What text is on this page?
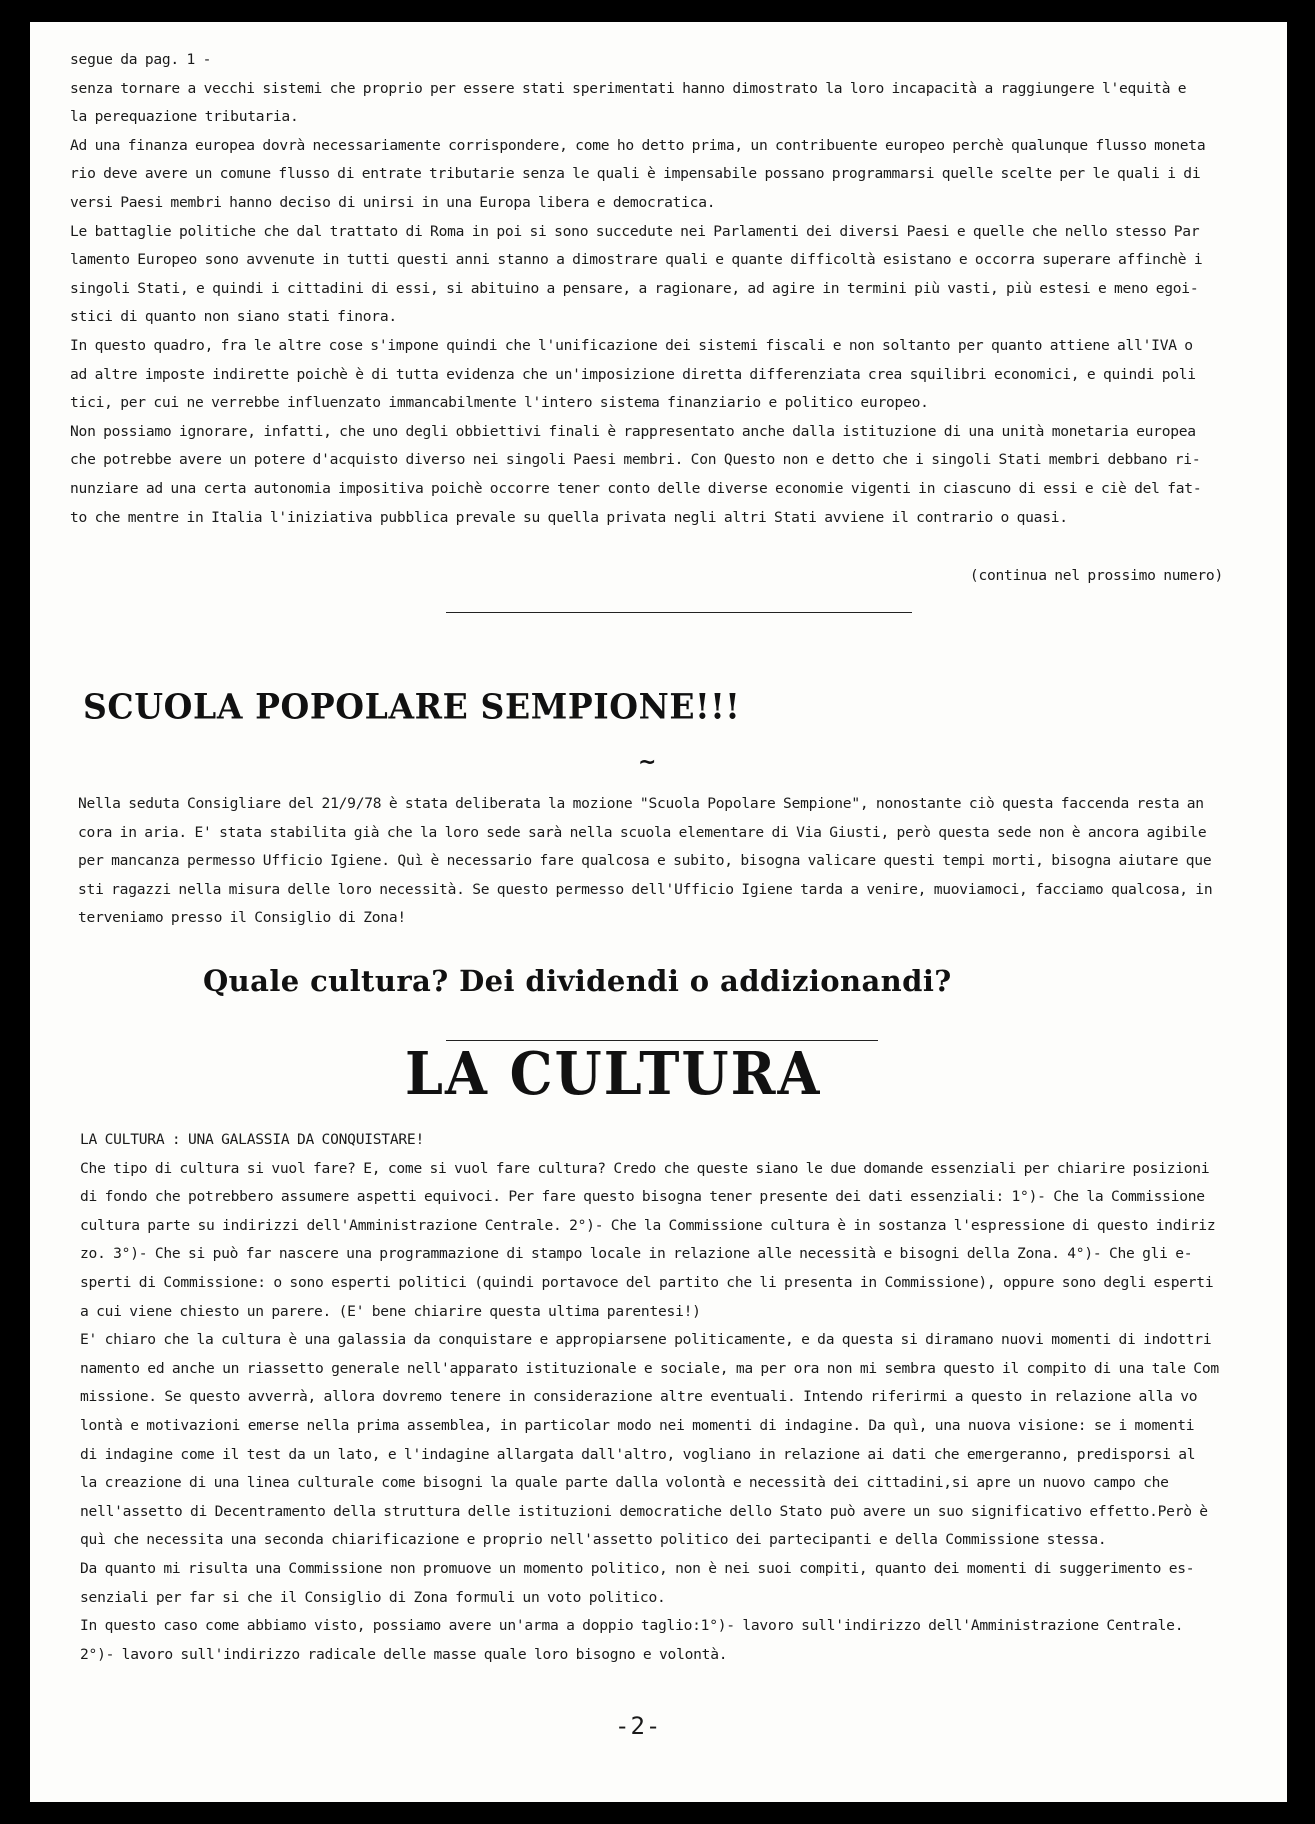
segue da pag. 1 -
senza tornare a vecchi sistemi che proprio per essere stati sperimentati hanno dimostrato la loro incapacità a raggiungere l'equità e
la perequazione tributaria.
Ad una finanza europea dovrà necessariamente corrispondere, come ho detto prima, un contribuente europeo perchè qualunque flusso moneta
rio deve avere un comune flusso di entrate tributarie senza le quali è impensabile possano programmarsi quelle scelte per le quali i di
versi Paesi membri hanno deciso di unirsi in una Europa libera e democratica.
Le battaglie politiche che dal trattato di Roma in poi si sono succedute nei Parlamenti dei diversi Paesi e quelle che nello stesso Par
lamento Europeo sono avvenute in tutti questi anni stanno a dimostrare quali e quante difficoltà esistano e occorra superare affinchè i
singoli Stati, e quindi i cittadini di essi, si abituino a pensare, a ragionare, ad agire in termini più vasti, più estesi e meno egoi-
stici di quanto non siano stati finora.
In questo quadro, fra le altre cose s'impone quindi che l'unificazione dei sistemi fiscali e non soltanto per quanto attiene all'IVA o
ad altre imposte indirette poichè è di tutta evidenza che un'imposizione diretta differenziata crea squilibri economici, e quindi poli
tici, per cui ne verrebbe influenzato immancabilmente l'intero sistema finanziario e politico europeo.
Non possiamo ignorare, infatti, che uno degli obbiettivi finali è rappresentato anche dalla istituzione di una unità monetaria europea
che potrebbe avere un potere d'acquisto diverso nei singoli Paesi membri. Con Questo non e detto che i singoli Stati membri debbano ri-
nunziare ad una certa autonomia impositiva poichè occorre tener conto delle diverse economie vigenti in ciascuno di essi e ciè del fat-
to che mentre in Italia l'iniziativa pubblica prevale su quella privata negli altri Stati avviene il contrario o quasi.
(continua nel prossimo numero)
SCUOLA POPOLARE SEMPIONE!!!
~
Nella seduta Consigliare del 21/9/78 è stata deliberata la mozione "Scuola Popolare Sempione", nonostante ciò questa faccenda resta an
cora in aria. E' stata stabilita già che la loro sede sarà nella scuola elementare di Via Giusti, però questa sede non è ancora agibile
per mancanza permesso Ufficio Igiene. Quì è necessario fare qualcosa e subito, bisogna valicare questi tempi morti, bisogna aiutare que
sti ragazzi nella misura delle loro necessità. Se questo permesso dell'Ufficio Igiene tarda a venire, muoviamoci, facciamo qualcosa, in
terveniamo presso il Consiglio di Zona!
Quale cultura? Dei dividendi o addizionandi?
LA CULTURA
LA CULTURA : UNA GALASSIA DA CONQUISTARE!
Che tipo di cultura si vuol fare? E, come si vuol fare cultura? Credo che queste siano le due domande essenziali per chiarire posizioni
di fondo che potrebbero assumere aspetti equivoci. Per fare questo bisogna tener presente dei dati essenziali: 1°)- Che la Commissione
cultura parte su indirizzi dell'Amministrazione Centrale. 2°)- Che la Commissione cultura è in sostanza l'espressione di questo indiriz
zo. 3°)- Che si può far nascere una programmazione di stampo locale in relazione alle necessità e bisogni della Zona. 4°)- Che gli e-
sperti di Commissione: o sono esperti politici (quindi portavoce del partito che li presenta in Commissione), oppure sono degli esperti
a cui viene chiesto un parere. (E' bene chiarire questa ultima parentesi!)
E' chiaro che la cultura è una galassia da conquistare e appropiarsene politicamente, e da questa si diramano nuovi momenti di indottri
namento ed anche un riassetto generale nell'apparato istituzionale e sociale, ma per ora non mi sembra questo il compito di una tale Com
missione. Se questo avverrà, allora dovremo tenere in considerazione altre eventuali. Intendo riferirmi a questo in relazione alla vo
lontà e motivazioni emerse nella prima assemblea, in particolar modo nei momenti di indagine. Da quì, una nuova visione: se i momenti
di indagine come il test da un lato, e l'indagine allargata dall'altro, vogliano in relazione ai dati che emergeranno, predisporsi al
la creazione di una linea culturale come bisogni la quale parte dalla volontà e necessità dei cittadini,si apre un nuovo campo che
nell'assetto di Decentramento della struttura delle istituzioni democratiche dello Stato può avere un suo significativo effetto.Però è
quì che necessita una seconda chiarificazione e proprio nell'assetto politico dei partecipanti e della Commissione stessa.
Da quanto mi risulta una Commissione non promuove un momento politico, non è nei suoi compiti, quanto dei momenti di suggerimento es-
senziali per far si che il Consiglio di Zona formuli un voto politico.
In questo caso come abbiamo visto, possiamo avere un'arma a doppio taglio:1°)- lavoro sull'indirizzo dell'Amministrazione Centrale.
2°)- lavoro sull'indirizzo radicale delle masse quale loro bisogno e volontà.
-2-
